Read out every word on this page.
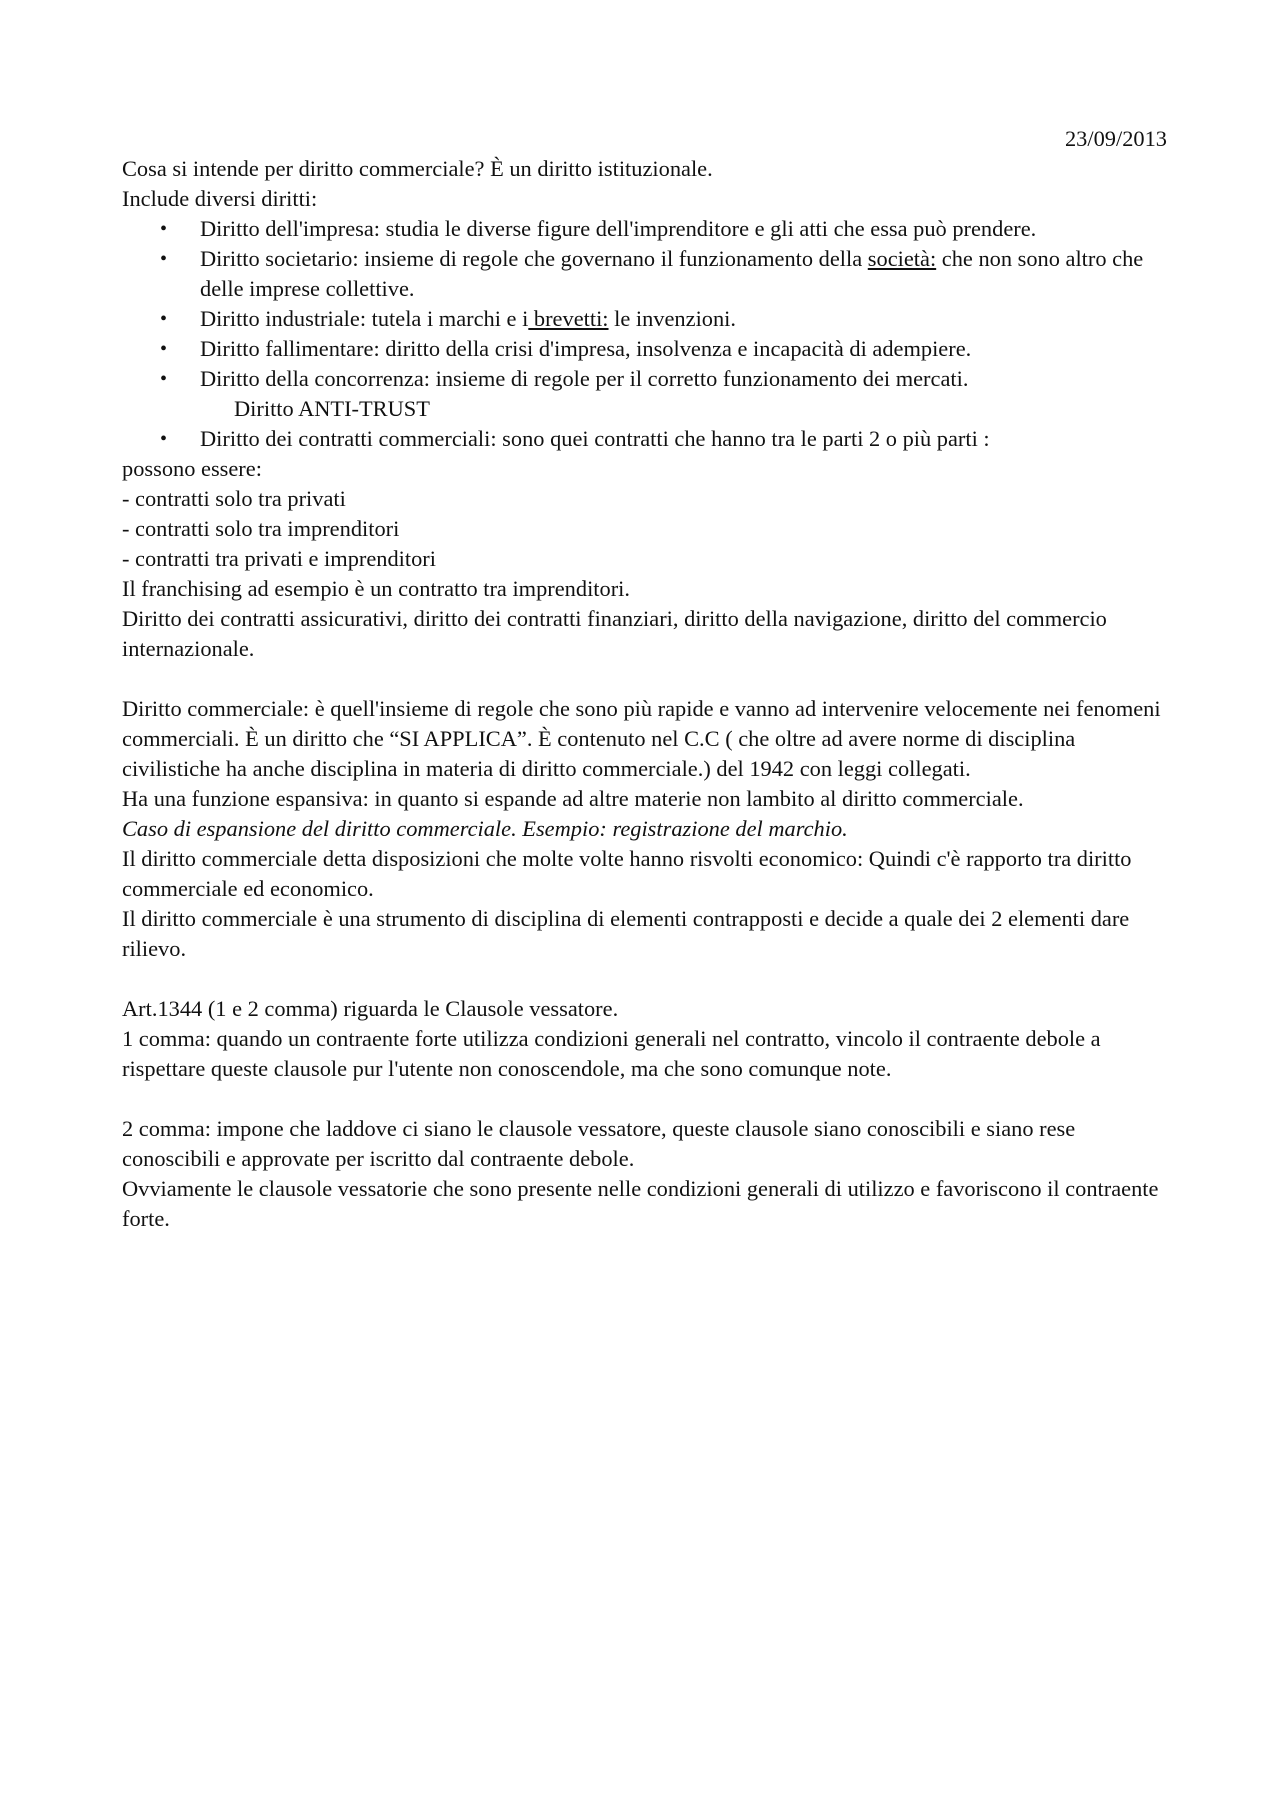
23/09/2013

Cosa si intende per diritto commerciale? È un diritto istituzionale.

Include diversi diritti:

• Diritto dell'impresa: studia le diverse figure dell'imprenditore e gli atti che essa può prendere.
• Diritto societario: insieme di regole che governano il funzionamento della società: che non sono altro che delle imprese collettive.
• Diritto industriale: tutela i marchi e i brevetti: le invenzioni.
• Diritto fallimentare: diritto della crisi d'impresa, insolvenza e incapacità di adempiere.
• Diritto della concorrenza: insieme di regole per il corretto funzionamento dei mercati.

Diritto ANTI-TRUST

• Diritto dei contratti commerciali: sono quei contratti che hanno tra le parti 2 o più parti :

possono essere:

- contratti solo tra privati

- contratti solo tra imprenditori

- contratti tra privati e imprenditori

Il franchising ad esempio è un contratto tra imprenditori.

Diritto dei contratti assicurativi, diritto dei contratti finanziari, diritto della navigazione, diritto del commercio internazionale.

Diritto commerciale: è quell'insieme di regole che sono più rapide e vanno ad intervenire velocemente nei fenomeni commerciali. È un diritto che “SI APPLICA”. È contenuto nel C.C ( che oltre ad avere norme di disciplina civilistiche ha anche disciplina in materia di diritto commerciale.) del 1942 con leggi collegati.

Ha una funzione espansiva: in quanto si espande ad altre materie non lambito al diritto commerciale.

Caso di espansione del diritto commerciale. Esempio: registrazione del marchio.

Il diritto commerciale detta disposizioni che molte volte hanno risvolti economico: Quindi c'è rapporto tra diritto commerciale ed economico.

Il diritto commerciale è una strumento di disciplina di elementi contrapposti e decide a quale dei 2 elementi dare rilievo.

Art.1344 (1 e 2 comma) riguarda le Clausole vessatore.

1 comma: quando un contraente forte utilizza condizioni generali nel contratto, vincolo il contraente debole a rispettare queste clausole pur l'utente non conoscendole, ma che sono comunque note.

2 comma: impone che laddove ci siano le clausole vessatore, queste clausole siano conoscibili e siano rese conoscibili e approvate per iscritto dal contraente debole.

Ovviamente le clausole vessatorie che sono presente nelle condizioni generali di utilizzo e favoriscono il contraente forte.
